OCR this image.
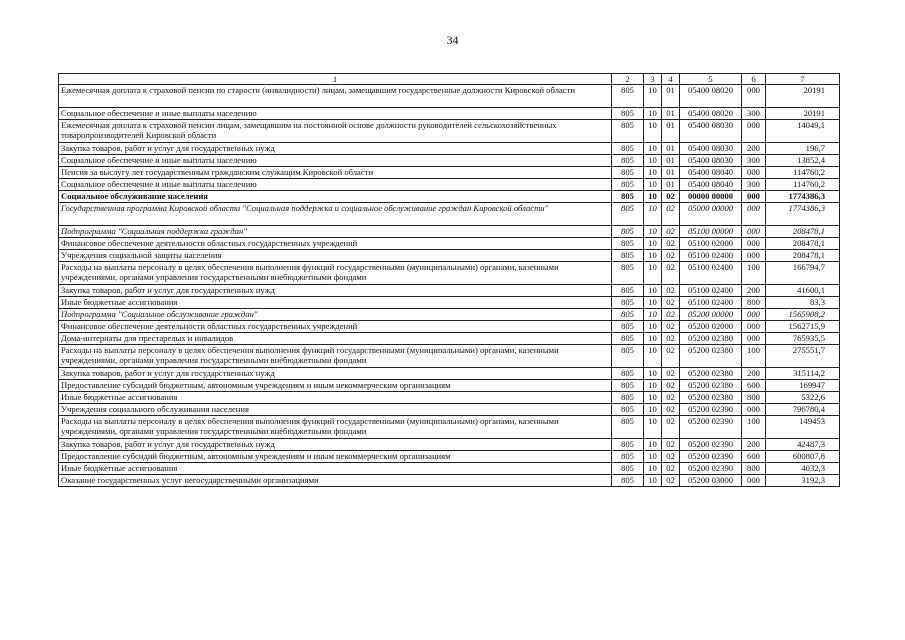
34
1	2	3	4	5	6	7
Ежемесячная доплата к страховой пенсии по старости (инвалидности) лицам, замещавшим государственные должности Кировской области	805	10	01	05400 08020	000	20191
Социальное обеспечение и иные выплаты населению	805	10	01	05400 08020	300	20191
Ежемесячная доплата к страховой пенсии лицам, замещавшим на постоянной основе должности руководителей сельскохозяйственных товаропроизводителей Кировской области	805	10	01	05400 08030	000	14049,1
Закупка товаров, работ и услуг для государственных нужд	805	10	01	05400 08030	200	196,7
Социальное обеспечение и иные выплаты населению	805	10	01	05400 08030	300	13852,4
Пенсия за выслугу лет государственным гражданским служащим Кировской области	805	10	01	05400 08040	000	114760,2
Социальное обеспечение и иные выплаты населению	805	10	01	05400 08040	300	114760,2
Социальное обслуживание населения	805	10	02	00000 00000	000	1774386,3
Государственная программа Кировской области "Социальная поддержка и социальное обслуживание граждан Кировской области"	805	10	02	05000 00000	000	1774386,3
Подпрограмма "Социальная поддержка граждан"	805	10	02	05100 00000	000	208478,1
Финансовое обеспечение деятельности областных государственных учреждений	805	10	02	05100 02000	000	208478,1
Учреждения социальной защиты населения	805	10	02	05100 02400	000	208478,1
Расходы на выплаты персоналу в целях обеспечения выполнения функций государственными (муниципальными) органами, казенными учреждениями, органами управления государственными внебюджетными фондами	805	10	02	05100 02400	100	166794,7
Закупка товаров, работ и услуг для государственных нужд	805	10	02	05100 02400	200	41600,1
Иные бюджетные ассигнования	805	10	02	05100 02400	800	83,3
Подпрограмма "Социальное обслуживание граждан"	805	10	02	05200 00000	000	1565908,2
Финансовое обеспечение деятельности областных государственных учреждений	805	10	02	05200 02000	000	1562715,9
Дома-интернаты для престарелых и инвалидов	805	10	02	05200 02380	000	765935,5
Расходы на выплаты персоналу в целях обеспечения выполнения функций государственными (муниципальными) органами, казенными учреждениями, органами управления государственными внебюджетными фондами	805	10	02	05200 02380	100	275551,7
Закупка товаров, работ и услуг для государственных нужд	805	10	02	05200 02380	200	315114,2
Предоставление субсидий бюджетным, автономным учреждениям и иным некоммерческим организациям	805	10	02	05200 02380	600	169947
Иные бюджетные ассигнования	805	10	02	05200 02380	800	5322,6
Учреждения социального обслуживания населения	805	10	02	05200 02390	000	796780,4
Расходы на выплаты персоналу в целях обеспечения выполнения функций государственными (муниципальными) органами, казенными учреждениями, органами управления государственными внебюджетными фондами	805	10	02	05200 02390	100	149453
Закупка товаров, работ и услуг для государственных нужд	805	10	02	05200 02390	200	42487,3
Предоставление субсидий бюджетным, автономным учреждениям и иным некоммерческим организациям	805	10	02	05200 02390	600	600807,8
Иные бюджетные ассигнования	805	10	02	05200 02390	800	4032,3
Оказание государственных услуг негосударственными организациями	805	10	02	05200 03000	000	3192,3
